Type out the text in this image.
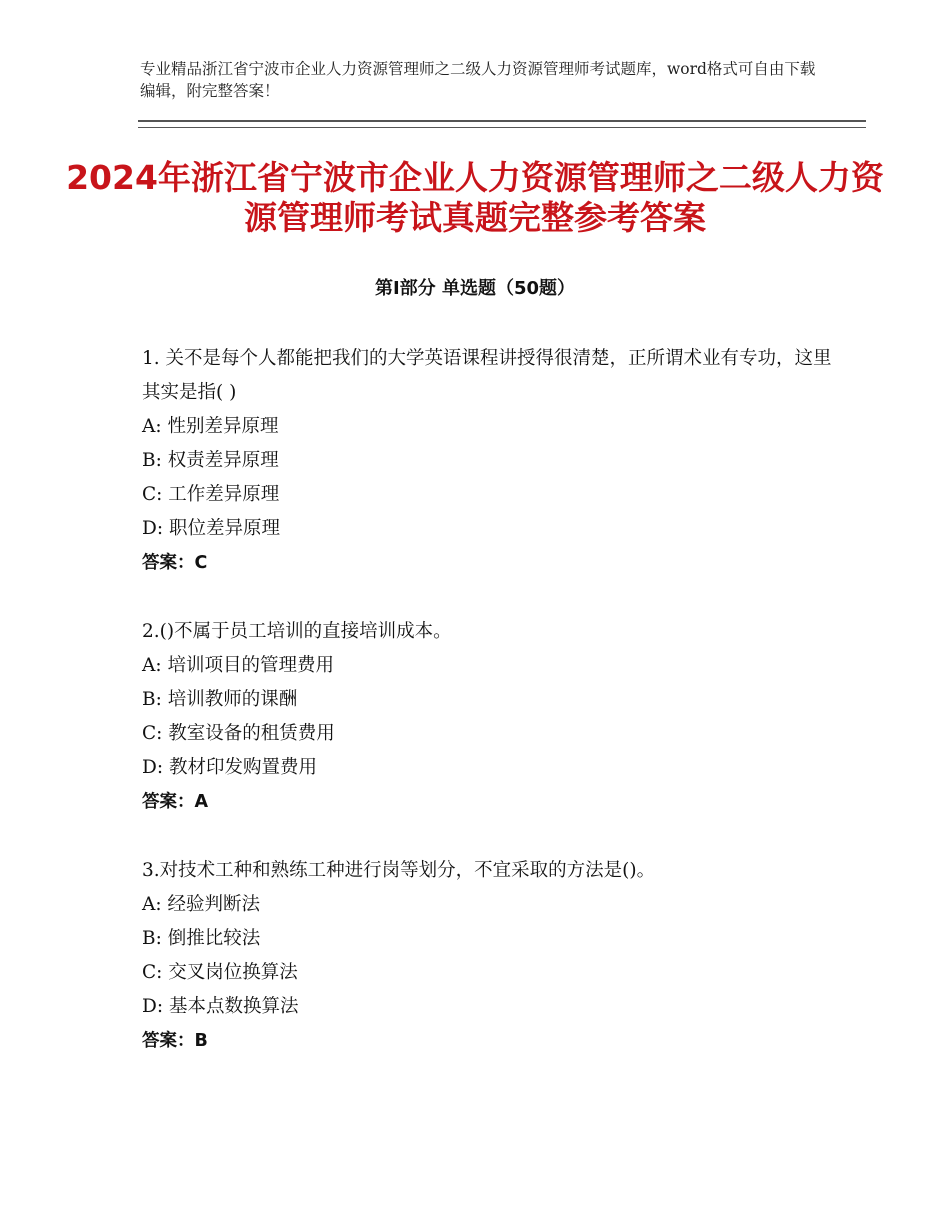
专业精品浙江省宁波市企业人力资源管理师之二级人力资源管理师考试题库，word格式可自由下载编辑，附完整答案！
2024年浙江省宁波市企业人力资源管理师之二级人力资源管理师考试真题完整参考答案
第Ⅰ部分 单选题（50题）
1. 关不是每个人都能把我们的大学英语课程讲授得很清楚，正所谓术业有专功，这里其实是指( )
A: 性别差异原理
B: 权责差异原理
C: 工作差异原理
D: 职位差异原理
答案：C
2.()不属于员工培训的直接培训成本。
A: 培训项目的管理费用
B: 培训教师的课酬
C: 教室设备的租赁费用
D: 教材印发购置费用
答案：A
3.对技术工种和熟练工种进行岗等划分，不宜采取的方法是()。
A: 经验判断法
B: 倒推比较法
C: 交叉岗位换算法
D: 基本点数换算法
答案：B
